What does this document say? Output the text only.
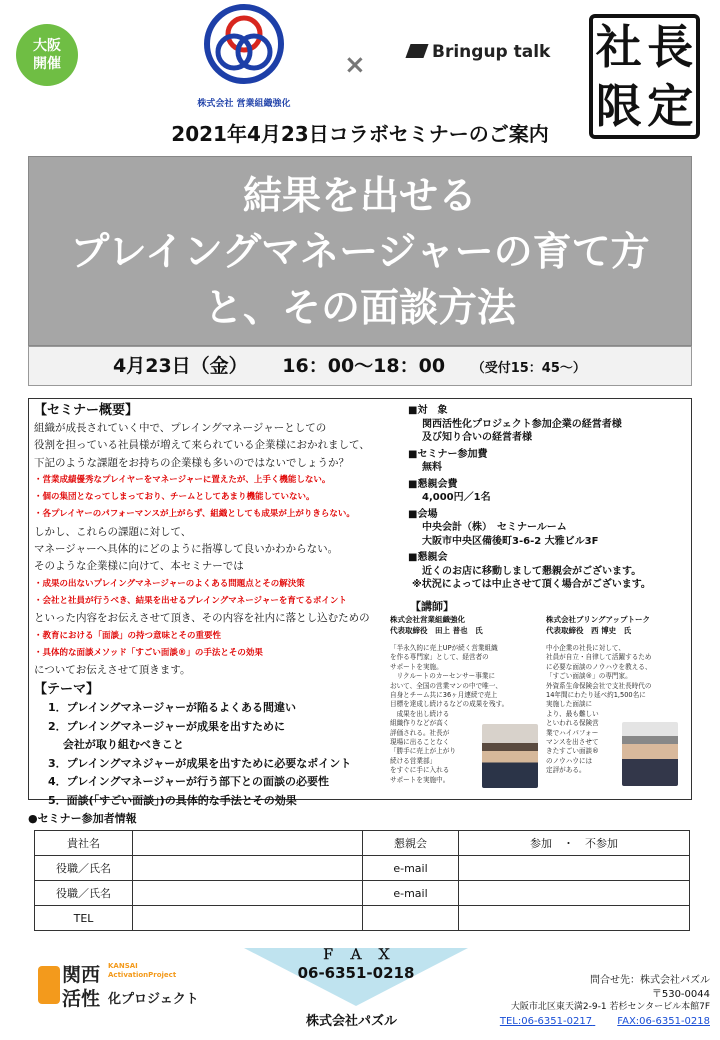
大阪
開催
株式会社 営業組織強化
×	Bringup talk 社 長
限 定
2021年4月23日コラボセミナーのご案内
結果を出せる
プレイングマネージャーの育て方
と、その面談方法
4月23日（金） 16：00～18：00 （受付15：45～）
【セミナー概要】
組織が成長されていく中で、プレイングマネージャーとしての
役割を担っている社員様が増えて来られている企業様におかれまして、
下記のような課題をお持ちの企業様も多いのではないでしょうか？
・営業成績優秀なプレイヤーをマネージャーに置えたが、上手く機能しない。
・個の集団となってしまっており、チームとしてあまり機能していない。
・各プレイヤーのパフォーマンスが上がらず、組織としても成果が上がりきらない。
しかし、これらの課題に対して、
マネージャーへ具体的にどのように指導して良いかわからない。
そのような企業様に向けて、本セミナーでは
・成果の出ないプレイングマネージャーのよくある問題点とその解決策
・会社と社員が行うべき、結果を出せるプレイングマネージャーを育てるポイント
といった内容をお伝えさせて頂き、その内容を社内に落とし込むための
・教育における「面談」の持つ意味とその重要性
・具体的な面談メソッド「すごい面談®」の手法とその効果
についてお伝えさせて頂きます。
【テーマ】
1．プレイングマネージャーが陥るよくある間違い
2．プレイングマネージャーが成果を出すために
　 会社が取り組むべきこと
3．プレイングマネジャーが成果を出すために必要なポイント
4．プレイングマネージャーが行う部下との面談の必要性
5．面談(「すごい面談」)の具体的な手法とその効果
■対　象
関西活性化プロジェクト参加企業の経営者様
及び知り合いの経営者様
■セミナー参加費
無料
■懇親会費
4,000円／1名
■会場
中央会計（株）　セミナールーム
大阪市中央区備後町3-6-2 大雅ビル3F
■懇親会
近くのお店に移動しまして懇親会がございます。
※状況によっては中止させて頂く場合がございます。
【講師】
株式会社営業組織強化
代表取締役　田上 普也　氏
「半永久的に売上UPが続く営業組織
を作る専門家」として、経営者の
サポートを実施。
　リクルートのカーセンサー事業に
おいて、全国の営業マンの中で唯一、
自身とチーム共に36ヶ月連続で売上
目標を達成し続けるなどの成果を残す。
　成果を出し続ける
組織作りなどが高く
評価される。社長が
現場に出ることなく
「勝手に売上が上がり
続ける営業部」
をすぐに手に入れる
サポートを実施中。
株式会社ブリングアップトーク
代表取締役　西 博史　氏
中小企業の社長に対して、
社員が自立・自律して活躍するため
に必要な面談のノウハウを教える、
「すごい面談®」の専門家。
外資系生命保険会社で支社長時代の
14年間にわたり延べ約1,500名に
実施した面談に
より、最も難しい
といわれる保険営
業でハイパフォー
マンスを出させて
きたすごい面談®
のノウハウには
定評がある。
●セミナー参加者情報
貴社名		懇親会	参加　・　不参加
役職／氏名		e-mail	
役職／氏名		e-mail	
TEL			
Ｆ　Ａ　Ｘ
06-6351-0218
株式会社パズル
関西
活性
KANSAI
ActivationProject
化プロジェクト
問合せ先：株式会社パズル
〒530-0044
大阪市北区東天満2-9-1 若杉センタービル本館7F
TEL:06-6351-0217	FAX:06-6351-0218
